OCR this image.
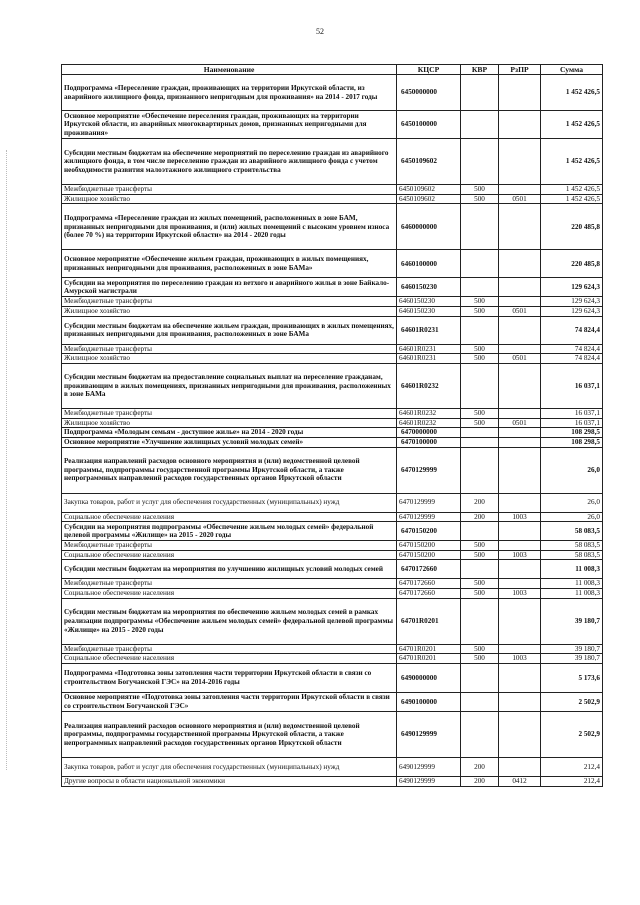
52
Наименование	КЦСР	КВР	РзПР	Сумма
Подпрограмма «Переселение граждан, проживающих на территории Иркутской области, из аварийного жилищного фонда, признанного непригодным для проживания» на 2014 - 2017 годы	6450000000			1 452 426,5
Основное мероприятие «Обеспечение переселения граждан, проживающих на территории Иркутской области, из аварийных многоквартирных домов, признанных непригодными для проживания»	6450100000			1 452 426,5
Субсидии местным бюджетам на обеспечение мероприятий по переселению граждан из аварийного жилищного фонда, в том числе переселению граждан из аварийного жилищного фонда с учетом необходимости развития малоэтажного жилищного строительства	6450109602			1 452 426,5
Межбюджетные трансферты	6450109602	500		1 452 426,5
Жилищное хозяйство	6450109602	500	0501	1 452 426,5
Подпрограмма «Переселение граждан из жилых помещений, расположенных в зоне БАМ, признанных непригодными для проживания, и (или) жилых помещений с высоким уровнем износа (более 70 %) на территории Иркутской области» на 2014 - 2020 годы	6460000000			220 485,8
Основное мероприятие «Обеспечение жильем граждан, проживающих в жилых помещениях, признанных непригодными для проживания, расположенных в зоне БАМа»	6460100000			220 485,8
Субсидии на мероприятия по переселению граждан из ветхого и аварийного жилья в зоне Байкало-Амурской магистрали	6460150230			129 624,3
Межбюджетные трансферты	6460150230	500		129 624,3
Жилищное хозяйство	6460150230	500	0501	129 624,3
Субсидии местным бюджетам на обеспечение жильем граждан, проживающих в жилых помещениях, признанных непригодными для проживания, расположенных в зоне БАМа	64601R0231			74 824,4
Межбюджетные трансферты	64601R0231	500		74 824,4
Жилищное хозяйство	64601R0231	500	0501	74 824,4
Субсидии местным бюджетам на предоставление социальных выплат на переселение гражданам, проживающим в жилых помещениях, признанных непригодными для проживания, расположенных в зоне БАМа	64601R0232			16 037,1
Межбюджетные трансферты	64601R0232	500		16 037,1
Жилищное хозяйство	64601R0232	500	0501	16 037,1
Подпрограмма «Молодым семьям - доступное жилье» на 2014 - 2020 годы	6470000000			108 298,5
Основное мероприятие «Улучшение жилищных условий молодых семей»	6470100000			108 298,5
Реализация направлений расходов основного мероприятия и (или) ведомственной целевой программы, подпрограммы государственной программы Иркутской области, а также непрограммных направлений расходов государственных органов Иркутской области	6470129999			26,0
Закупка товаров, работ и услуг для обеспечения государственных (муниципальных) нужд	6470129999	200		26,0
Социальное обеспечение населения	6470129999	200	1003	26,0
Субсидии на мероприятия подпрограммы «Обеспечение жильем молодых семей» федеральной целевой программы «Жилище» на 2015 - 2020 годы	6470150200			58 083,5
Межбюджетные трансферты	6470150200	500		58 083,5
Социальное обеспечение населения	6470150200	500	1003	58 083,5
Субсидии местным бюджетам на мероприятия по улучшению жилищных условий молодых семей	6470172660			11 008,3
Межбюджетные трансферты	6470172660	500		11 008,3
Социальное обеспечение населения	6470172660	500	1003	11 008,3
Субсидии местным бюджетам на мероприятия по обеспечению жильем молодых семей в рамках реализации подпрограммы «Обеспечение жильем молодых семей» федеральной целевой программы «Жилище» на 2015 - 2020 годы	64701R0201			39 180,7
Межбюджетные трансферты	64701R0201	500		39 180,7
Социальное обеспечение населения	64701R0201	500	1003	39 180,7
Подпрограмма «Подготовка зоны затопления части территории Иркутской области в связи со строительством Богучанской ГЭС» на 2014-2016 годы	6490000000			5 173,6
Основное мероприятие «Подготовка зоны затопления части территории Иркутской области в связи со строительством Богучанской ГЭС»	6490100000			2 502,9
Реализация направлений расходов основного мероприятия и (или) ведомственной целевой программы, подпрограммы государственной программы Иркутской области, а также непрограммных направлений расходов государственных органов Иркутской области	6490129999			2 502,9
Закупка товаров, работ и услуг для обеспечения государственных (муниципальных) нужд	6490129999	200		212,4
Другие вопросы в области национальной экономики	6490129999	200	0412	212,4
